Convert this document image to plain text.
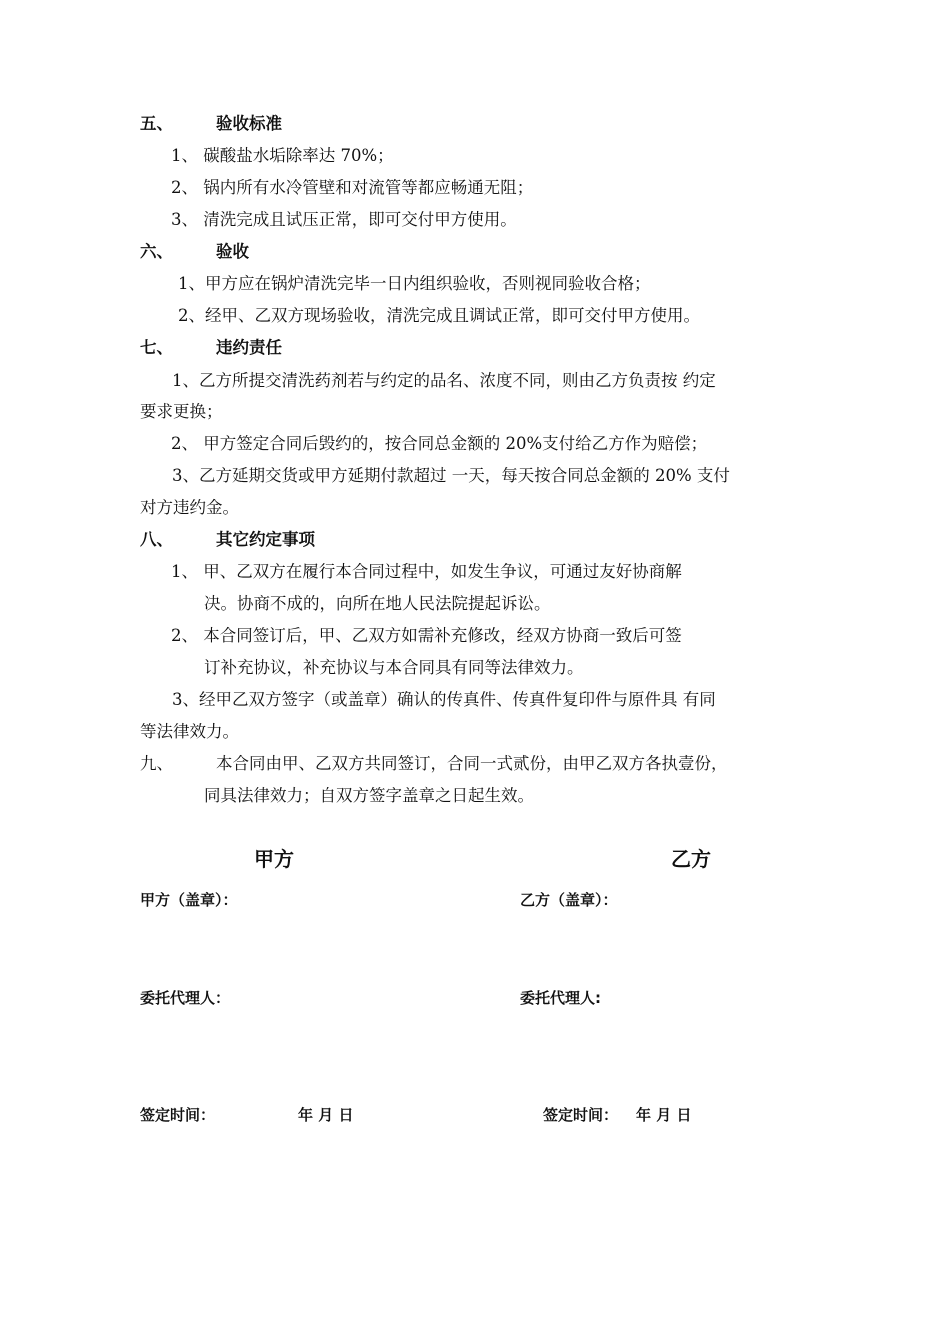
五、	验收标准
1、 碳酸盐水垢除率达 70%；
2、 锅内所有水冷管壁和对流管等都应畅通无阻；
3、 清洗完成且试压正常，即可交付甲方使用。
六、	验收
1、甲方应在锅炉清洗完毕一日内组织验收，否则视同验收合格；
2、经甲、乙双方现场验收，清洗完成且调试正常，即可交付甲方使用。
七、	违约责任
1、乙方所提交清洗药剂若与约定的品名、浓度不同，则由乙方负责按 约定
要求更换；
2、 甲方签定合同后毁约的，按合同总金额的 20%支付给乙方作为赔偿；
3、乙方延期交货或甲方延期付款超过 一天，每天按合同总金额的 20% 支付
对方违约金。
八、	其它约定事项
1、 甲、乙双方在履行本合同过程中，如发生争议，可通过友好协商解
决。协商不成的，向所在地人民法院提起诉讼。
2、 本合同签订后，甲、乙双方如需补充修改，经双方协商一致后可签
订补充协议，补充协议与本合同具有同等法律效力。
3、经甲乙双方签字（或盖章）确认的传真件、传真件复印件与原件具 有同
等法律效力。
九、	本合同由甲、乙双方共同签订，合同一式贰份，由甲乙双方各执壹份，
同具法律效力；自双方签字盖章之日起生效。
甲方	乙方
甲方（盖章）：	乙方（盖章）：
委托代理人：	委托代理人:
签定时间：	年 月 日	签定时间： 年 月 日
